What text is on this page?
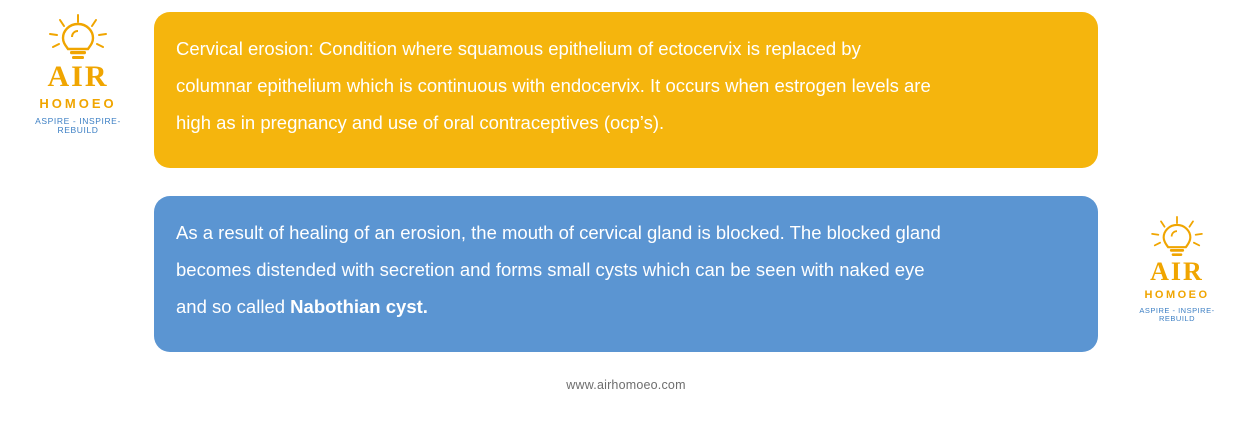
AIR
HOMOEO
ASPIRE - INSPIRE- REBUILD
AIR
HOMOEO
ASPIRE - INSPIRE- REBUILD

Cervical erosion: Condition where squamous epithelium of ectocervix is replaced by

columnar epithelium which is continuous with endocervix. It occurs when estrogen levels are

high as in pregnancy and use of oral contraceptives (ocp’s).

As a result of healing of an erosion, the mouth of cervical gland is blocked. The blocked gland

becomes distended with secretion and forms small cysts which can be seen with naked eye

and so called Nabothian cyst.

www.airhomoeo.com
